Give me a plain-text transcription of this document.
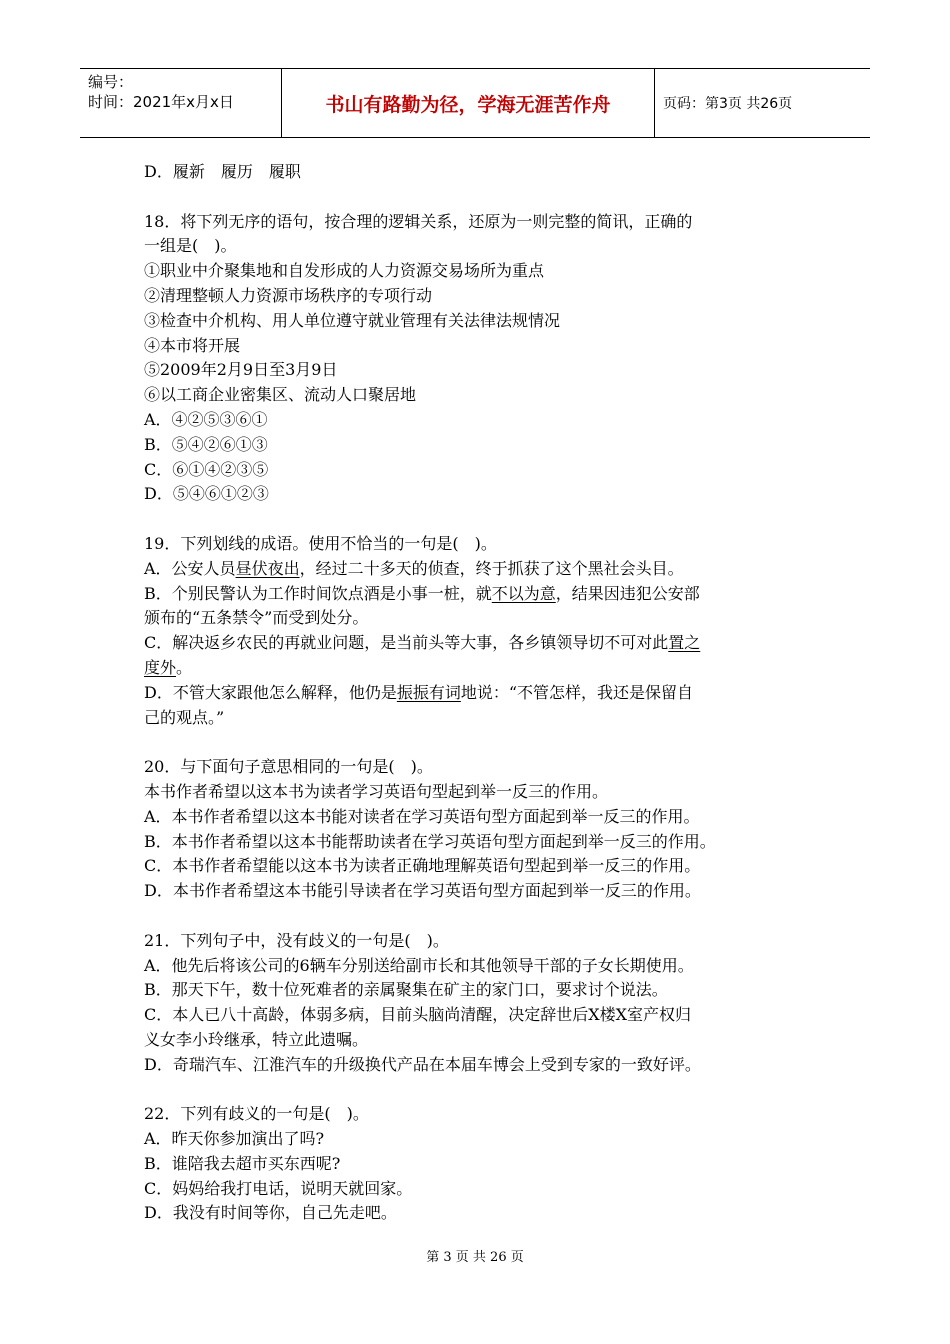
编号：
时间：2021年x月x日	书山有路勤为径，学海无涯苦作舟	页码：第3页 共26页
D．履新　履历　履职
18．将下列无序的语句，按合理的逻辑关系，还原为一则完整的简讯，正确的
一组是(　)。
①职业中介聚集地和自发形成的人力资源交易场所为重点
②清理整顿人力资源市场秩序的专项行动
③检查中介机构、用人单位遵守就业管理有关法律法规情况
④本市将开展
⑤2009年2月9日至3月9日
⑥以工商企业密集区、流动人口聚居地
A．④②⑤③⑥①
B．⑤④②⑥①③
C．⑥①④②③⑤
D．⑤④⑥①②③
19．下列划线的成语。使用不恰当的一句是(　)。
A．公安人员昼伏夜出，经过二十多天的侦查，终于抓获了这个黑社会头目。
B．个别民警认为工作时间饮点酒是小事一桩，就不以为意，结果因违犯公安部
颁布的“五条禁令”而受到处分。
C．解决返乡农民的再就业问题，是当前头等大事，各乡镇领导切不可对此置之
度外。
D．不管大家跟他怎么解释，他仍是振振有词地说：“不管怎样，我还是保留自
己的观点。”
20．与下面句子意思相同的一句是(　)。
本书作者希望以这本书为读者学习英语句型起到举一反三的作用。
A．本书作者希望以这本书能对读者在学习英语句型方面起到举一反三的作用。
B．本书作者希望以这本书能帮助读者在学习英语句型方面起到举一反三的作用。
C．本书作者希望能以这本书为读者正确地理解英语句型起到举一反三的作用。
D．本书作者希望这本书能引导读者在学习英语句型方面起到举一反三的作用。
21．下列句子中，没有歧义的一句是(　)。
A．他先后将该公司的6辆车分别送给副市长和其他领导干部的子女长期使用。
B．那天下午，数十位死难者的亲属聚集在矿主的家门口，要求讨个说法。
C．本人已八十高龄，体弱多病，目前头脑尚清醒，决定辞世后X楼X室产权归
义女李小玲继承，特立此遗嘱。
D．奇瑞汽车、江淮汽车的升级换代产品在本届车博会上受到专家的一致好评。
22．下列有歧义的一句是(　)。
A．昨天你参加演出了吗?
B．谁陪我去超市买东西呢?
C．妈妈给我打电话，说明天就回家。
D．我没有时间等你，自己先走吧。
第 3 页 共 26 页
